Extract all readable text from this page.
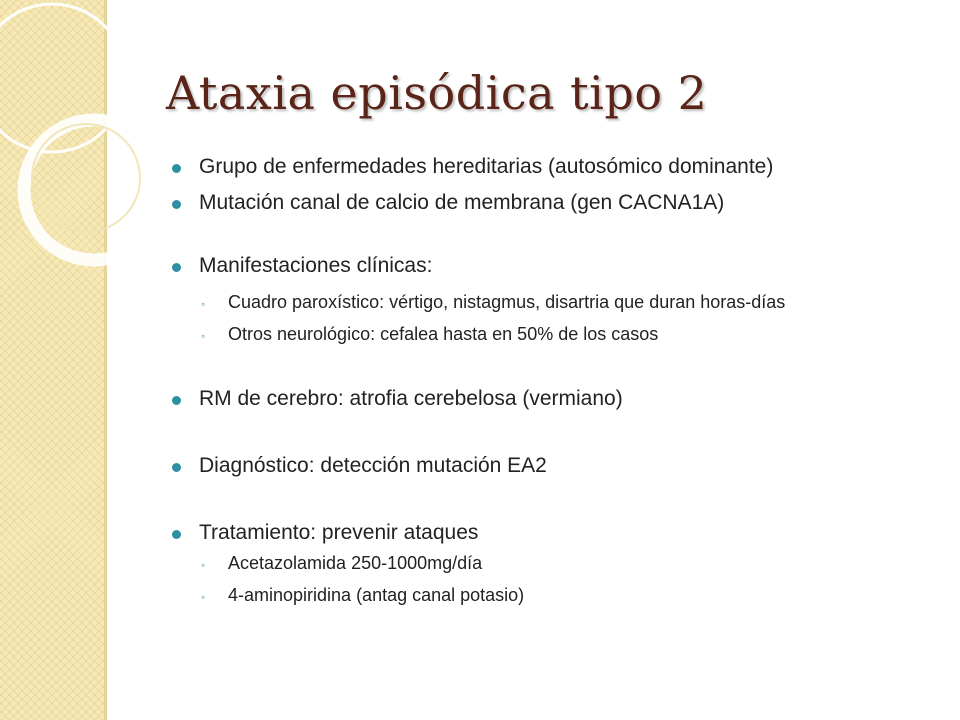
Ataxia episódica tipo 2
Grupo de enfermedades hereditarias (autosómico dominante)
Mutación canal de calcio de membrana (gen CACNA1A)
Manifestaciones clínicas:
◦ Cuadro paroxístico: vértigo, nistagmus, disartria que duran horas-días
◦ Otros neurológico: cefalea hasta en 50% de los casos
RM de cerebro: atrofia cerebelosa (vermiano)
Diagnóstico: detección mutación EA2
Tratamiento: prevenir ataques
◦ Acetazolamida 250-1000mg/día
◦ 4-aminopiridina (antag canal potasio)
